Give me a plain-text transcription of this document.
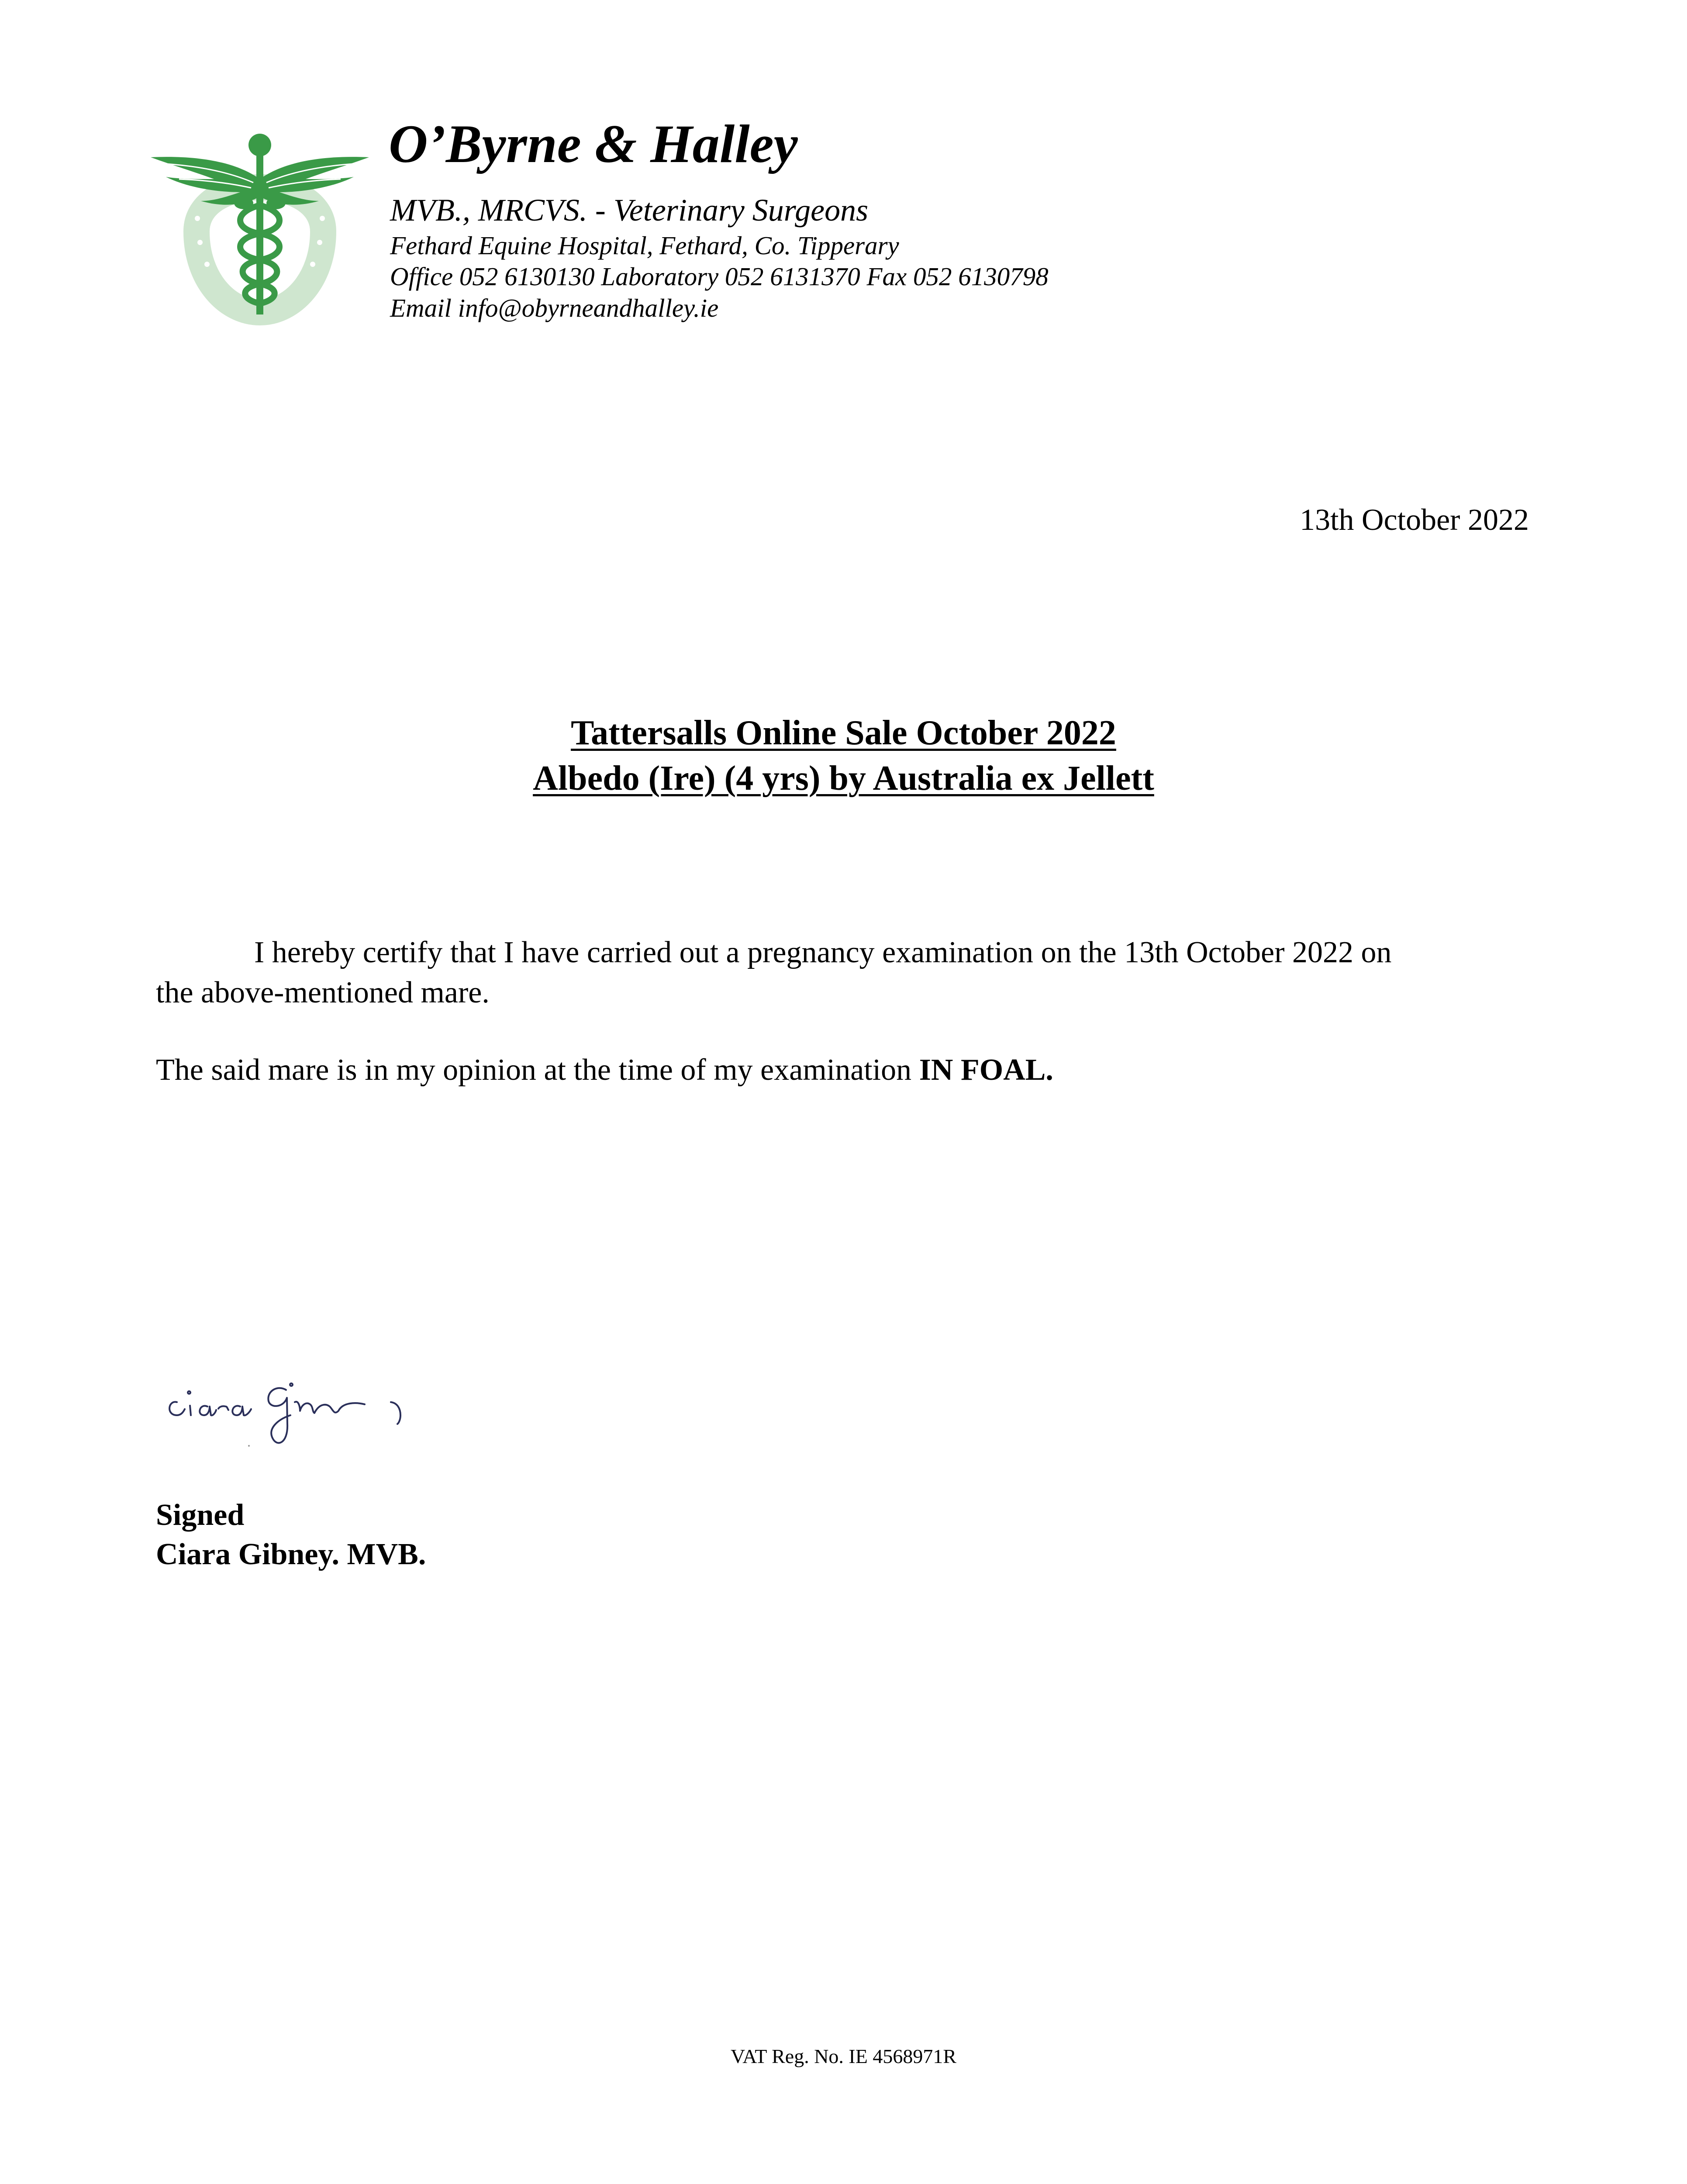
O’Byrne & Halley
MVB., MRCVS. - Veterinary Surgeons
Fethard Equine Hospital, Fethard, Co. Tipperary
Office 052 6130130 Laboratory 052 6131370 Fax 052 6130798
Email info@obyrneandhalley.ie
13th October 2022
Tattersalls Online Sale October 2022
Albedo (Ire) (4 yrs) by Australia ex Jellett
I hereby certify that I have carried out a pregnancy examination on the 13th October 2022 on
the above-mentioned mare.
The said mare is in my opinion at the time of my examination IN FOAL.
Signed
Ciara Gibney. MVB.
VAT Reg. No. IE 4568971R
